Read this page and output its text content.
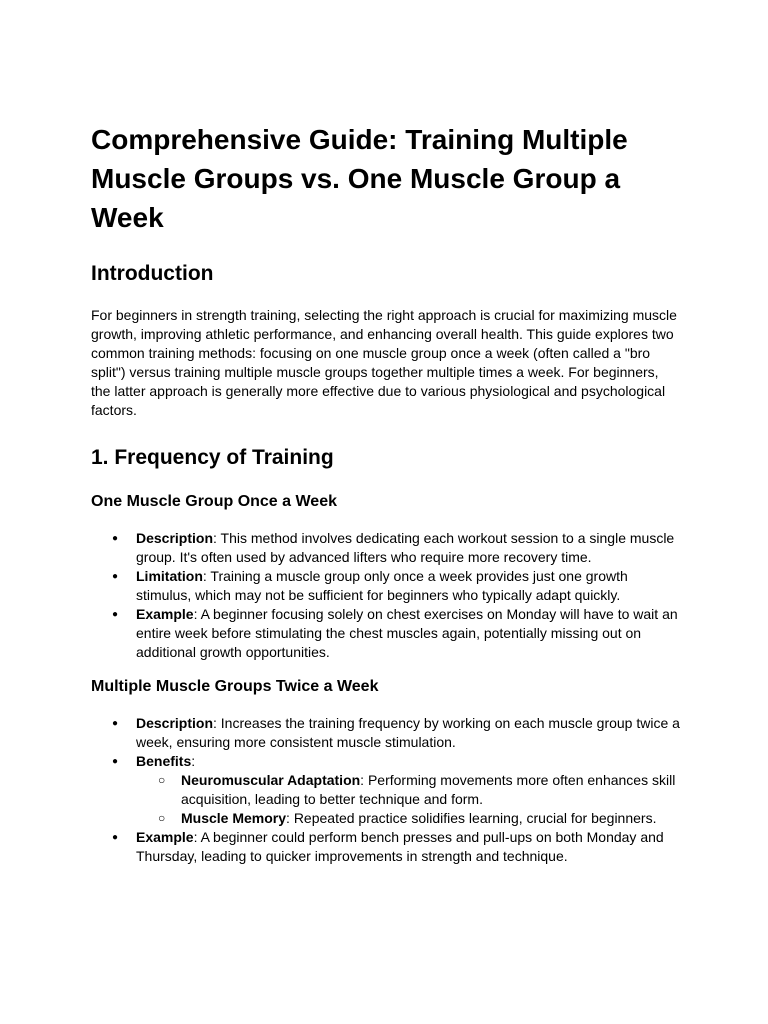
Comprehensive Guide: Training Multiple Muscle Groups vs. One Muscle Group a Week
Introduction

For beginners in strength training, selecting the right approach is crucial for maximizing muscle growth, improving athletic performance, and enhancing overall health. This guide explores two common training methods: focusing on one muscle group once a week (often called a "bro split") versus training multiple muscle groups together multiple times a week. For beginners, the latter approach is generally more effective due to various physiological and psychological factors.

1. Frequency of Training
One Muscle Group Once a Week
● Description: This method involves dedicating each workout session to a single muscle group. It's often used by advanced lifters who require more recovery time.
● Limitation: Training a muscle group only once a week provides just one growth stimulus, which may not be sufficient for beginners who typically adapt quickly.
● Example: A beginner focusing solely on chest exercises on Monday will have to wait an entire week before stimulating the chest muscles again, potentially missing out on additional growth opportunities.
Multiple Muscle Groups Twice a Week
● Description: Increases the training frequency by working on each muscle group twice a week, ensuring more consistent muscle stimulation.
● Benefits:
○ Neuromuscular Adaptation: Performing movements more often enhances skill acquisition, leading to better technique and form.
○ Muscle Memory: Repeated practice solidifies learning, crucial for beginners.
● Example: A beginner could perform bench presses and pull-ups on both Monday and Thursday, leading to quicker improvements in strength and technique.
